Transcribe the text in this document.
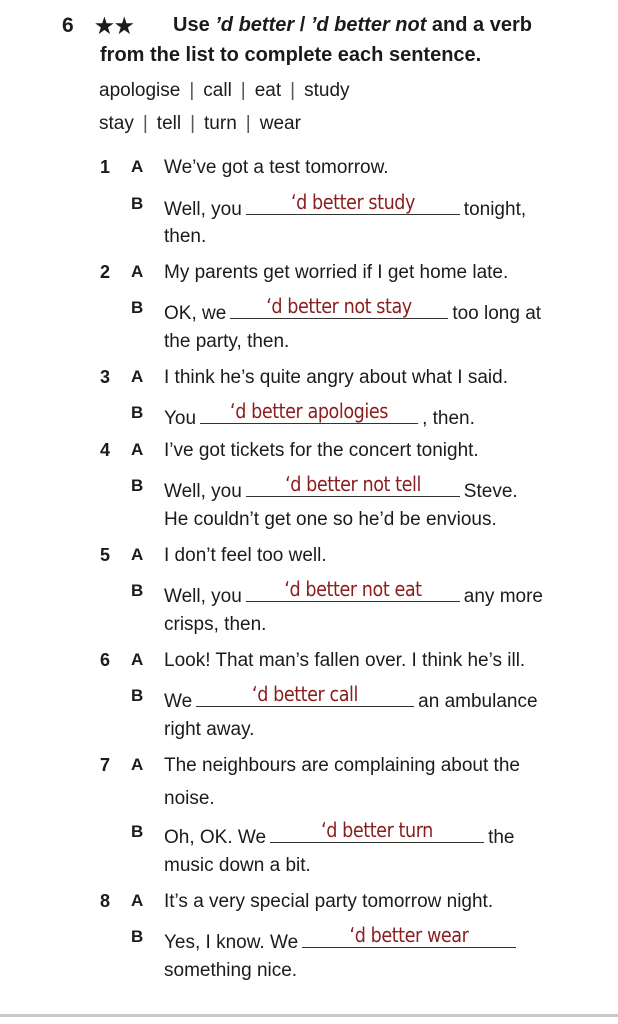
6 ★★ Use ’d better / ’d better not and a verb
from the list to complete each sentence.
apologise | call | eat | study
stay | tell | turn | wear
1 A We’ve got a test tomorrow.
B Well, you	‘d better study	tonight,
then.
2 A My parents get worried if I get home late.
B OK, we	‘d better not stay	too long at
the party, then.
3 A I think he’s quite angry about what I said.
B You	‘d better apologies	, then.
4 A I’ve got tickets for the concert tonight.
B Well, you	‘d better not tell	Steve.
He couldn’t get one so he’d be envious.
5 A I don’t feel too well.
B Well, you	‘d better not eat	any more
crisps, then.
6 A Look! That man’s fallen over. I think he’s ill.
B We	‘d better call	an ambulance
right away.
7 A The neighbours are complaining about the
noise.
B Oh, OK. We	‘d better turn	the
music down a bit.
8 A It’s a very special party tomorrow night.
B Yes, I know. We	‘d better wear
something nice.
